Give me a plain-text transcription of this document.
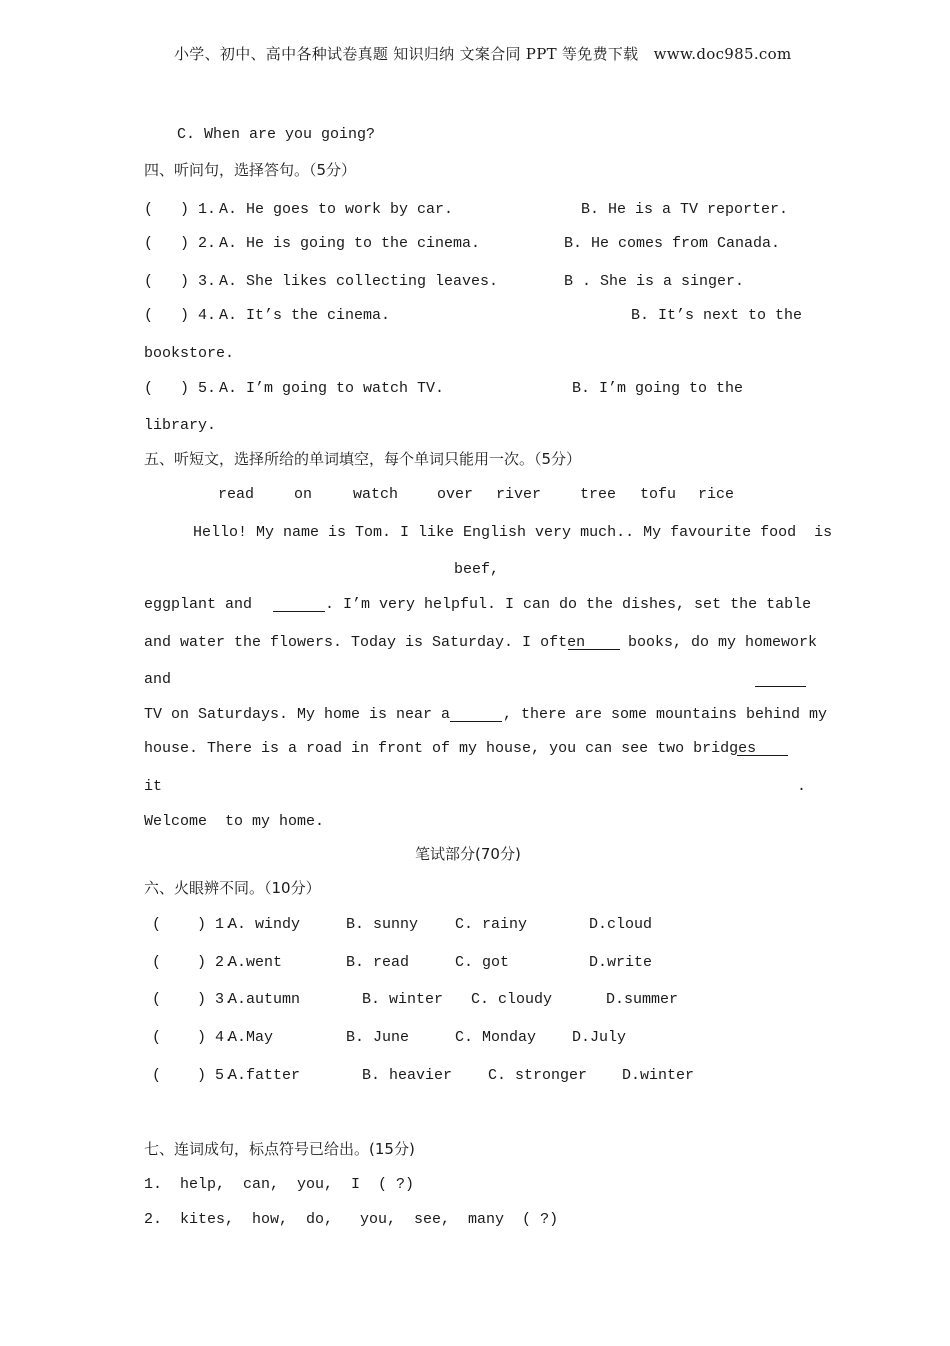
小学、初中、高中各种试卷真题 知识归纳 文案合同 PPT 等免费下载   www.doc985.com
C. When are you going?
四、听问句，选择答句。（5分）
(   ) 1. A. He goes to work by car.	B. He is a TV reporter.
(   ) 2. A. He is going to the cinema.	B. He comes from Canada.
(   ) 3. A. She likes collecting leaves.	B . She is a singer.
(   ) 4. A. It’s the cinema.	B. It’s next to the
bookstore.
(   ) 5. A. I’m going to watch TV.	B. I’m going to the
library.
五、听短文，选择所给的单词填空，每个单词只能用一次。（5分）
read	on	watch	over river	tree tofu rice
Hello! My name is Tom. I like English very much.. My favourite food  is
beef,
eggplant and	. I’m very helpful. I can do the dishes, set the table
and water the flowers. Today is Saturday. I often	books, do my homework
and
TV on Saturdays. My home is near a	, there are some mountains behind my
house. There is a road in front of my house, you can see two bridges
it	.
Welcome  to my home.
笔试部分(70分)
六、火眼辨不同。（10分）
(    ) 1.
A. windy	B. sunny C. rainy	D.cloud
(    ) 2.
A.went	B. read	C. got	D.write
(    ) 3.
A.autumn	B. winter C. cloudy	D.summer
(    ) 4.
A.May	B. June	C. Monday D.July
(    ) 5.
A.fatter	B. heavier C. stronger D.winter
七、连词成句，标点符号已给出。(15分)
1.  help,  can,  you,  I  ( ?)
2.  kites,  how,  do,   you,  see,  many  ( ?)
